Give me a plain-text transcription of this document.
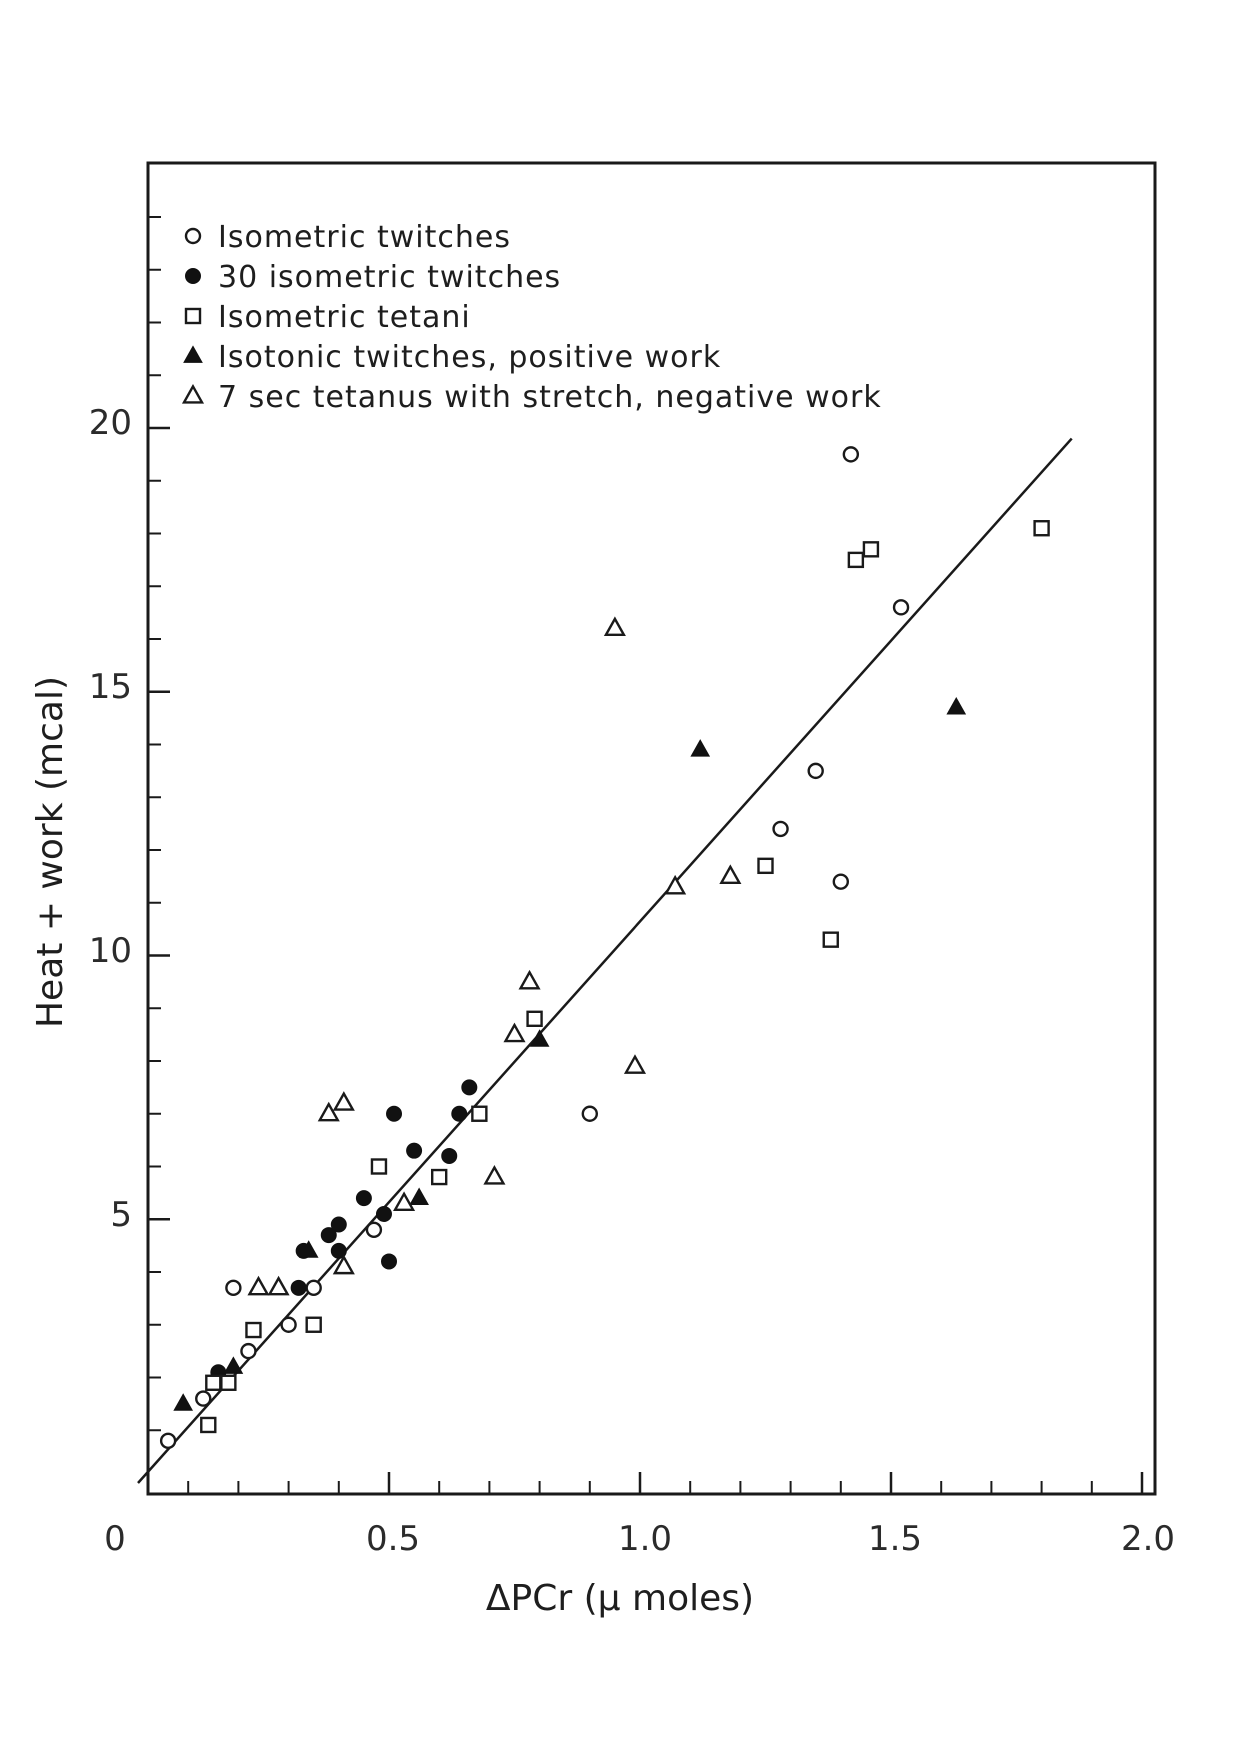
0	0.5	1.0	1.5	2.0
5
10
15
20
ΔPCr (μ moles)
Heat + work (mcal)
Isometric twitches
30 isometric twitches
Isometric tetani
Isotonic twitches, positive work
7 sec tetanus with stretch, negative work
